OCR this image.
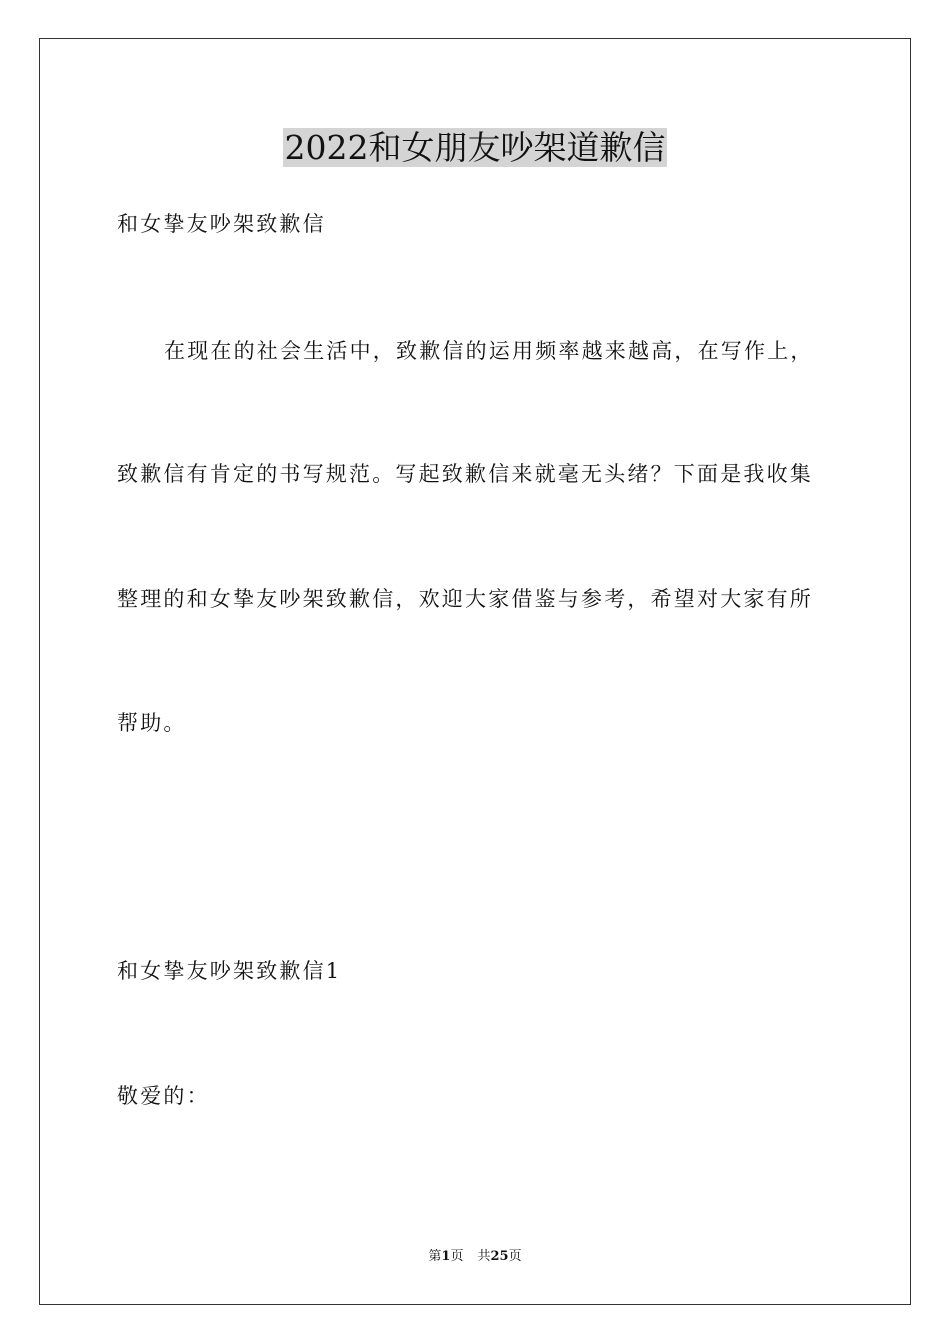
2022和女朋友吵架道歉信
和女挚友吵架致歉信
在现在的社会生活中，致歉信的运用频率越来越高，在写作上，
致歉信有肯定的书写规范。写起致歉信来就毫无头绪？下面是我收集
整理的和女挚友吵架致歉信，欢迎大家借鉴与参考，希望对大家有所
帮助。
和女挚友吵架致歉信1
敬爱的：
第1页 共25页
